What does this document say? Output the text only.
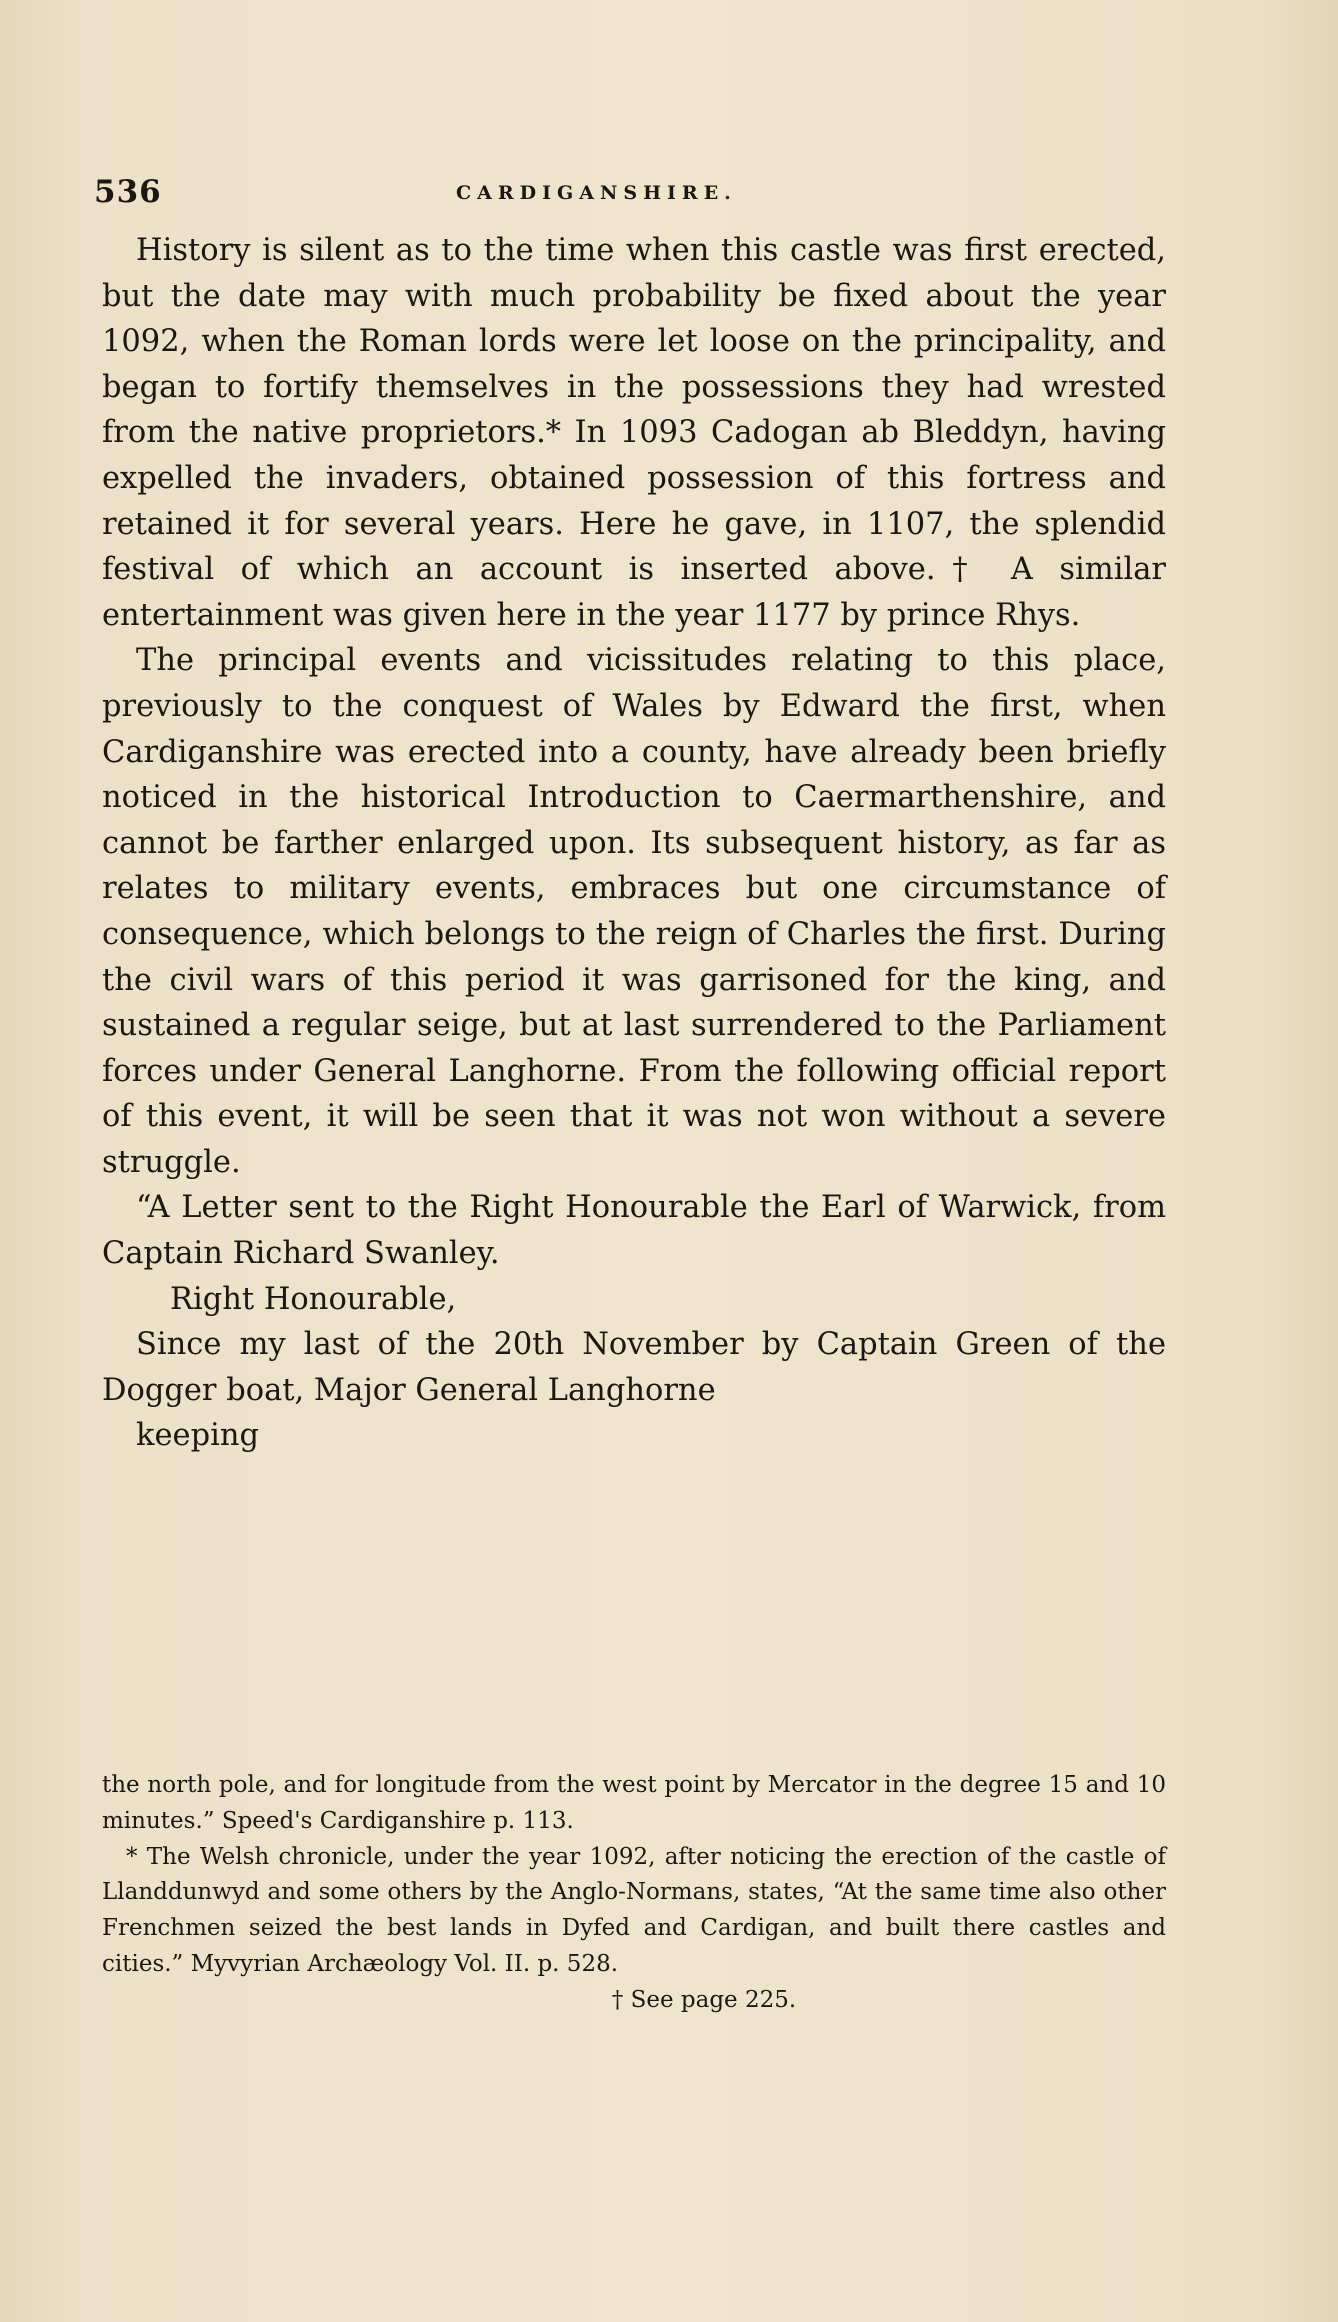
536	CARDIGANSHIRE.

History is silent as to the time when this castle was first erected, but the date may with much probability be fixed about the year 1092, when the Roman lords were let loose on the principality, and began to fortify themselves in the possessions they had wrested from the native proprietors.* In 1093 Cadogan ab Bleddyn, having expelled the invaders, obtained possession of this fortress and retained it for several years. Here he gave, in 1107, the splendid festival of which an account is inserted above.† A similar entertainment was given here in the year 1177 by prince Rhys.

The principal events and vicissitudes relating to this place, previously to the conquest of Wales by Edward the first, when Cardiganshire was erected into a county, have already been briefly noticed in the historical Introduction to Caermarthenshire, and cannot be farther enlarged upon. Its subsequent history, as far as relates to military events, embraces but one circumstance of consequence, which belongs to the reign of Charles the first. During the civil wars of this period it was garrisoned for the king, and sustained a regular seige, but at last surrendered to the Parliament forces under General Langhorne. From the following official report of this event, it will be seen that it was not won without a severe struggle.

“A Letter sent to the Right Honourable the Earl of Warwick, from Captain Richard Swanley.

Right Honourable,

Since my last of the 20th November by Captain Green of the Dogger boat, Major General Langhorne

keeping

the north pole, and for longitude from the west point by Mercator in the degree 15 and 10 minutes.” Speed's Cardiganshire p. 113.

* The Welsh chronicle, under the year 1092, after noticing the erection of the castle of Llanddunwyd and some others by the Anglo-Normans, states, “At the same time also other Frenchmen seized the best lands in Dyfed and Cardigan, and built there castles and cities.” Myvyrian Archæology Vol. II. p. 528.

† See page 225.
